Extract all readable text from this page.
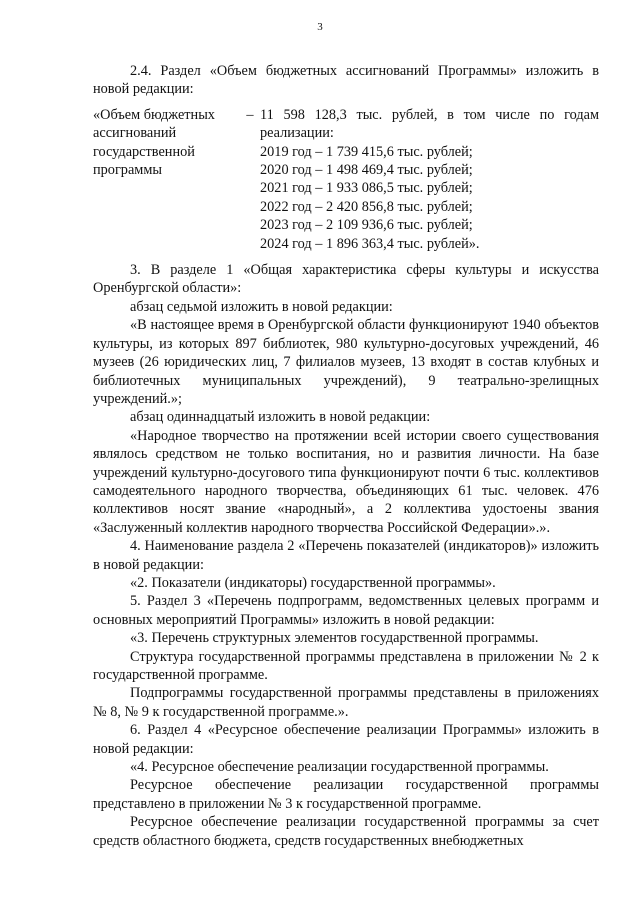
3

2.4. Раздел «Объем бюджетных ассигнований Программы» изложить в новой редакции:

«Объем бюджетных ассигнований государственной программы
– 11 598 128,3 тыс. рублей, в том числе по годам реализации:
2019 год – 1 739 415,6 тыс. рублей;
2020 год – 1 498 469,4 тыс. рублей;
2021 год – 1 933 086,5 тыс. рублей;
2022 год – 2 420 856,8 тыс. рублей;
2023 год – 2 109 936,6 тыс. рублей;
2024 год – 1 896 363,4 тыс. рублей».

3. В разделе 1 «Общая характеристика сферы культуры и искусства Оренбургской области»:

абзац седьмой изложить в новой редакции:

«В настоящее время в Оренбургской области функционируют 1940 объектов культуры, из которых 897 библиотек, 980 культурно-досуговых учреждений, 46 музеев (26 юридических лиц, 7 филиалов музеев, 13 входят в состав клубных и библиотечных муниципальных учреждений), 9 театрально-зрелищных учреждений.»;

абзац одиннадцатый изложить в новой редакции:

«Народное творчество на протяжении всей истории своего существования являлось средством не только воспитания, но и развития личности. На базе учреждений культурно-досугового типа функционируют почти 6 тыс. коллективов самодеятельного народного творчества, объединяющих 61 тыс. человек. 476 коллективов носят звание «народный», а 2 коллектива удостоены звания «Заслуженный коллектив народного творчества Российской Федерации».».

4. Наименование раздела 2 «Перечень показателей (индикаторов)» изложить в новой редакции:

«2. Показатели (индикаторы) государственной программы».

5. Раздел 3 «Перечень подпрограмм, ведомственных целевых программ и основных мероприятий Программы» изложить в новой редакции:

«3. Перечень структурных элементов государственной программы.

Структура государственной программы представлена в приложении № 2 к государственной программе.

Подпрограммы государственной программы представлены в приложениях № 8, № 9 к государственной программе.».

6. Раздел 4 «Ресурсное обеспечение реализации Программы» изложить в новой редакции:

«4. Ресурсное обеспечение реализации государственной программы.

Ресурсное обеспечение реализации государственной программы представлено в приложении № 3 к государственной программе.

Ресурсное обеспечение реализации государственной программы за счет средств областного бюджета, средств государственных внебюджетных
